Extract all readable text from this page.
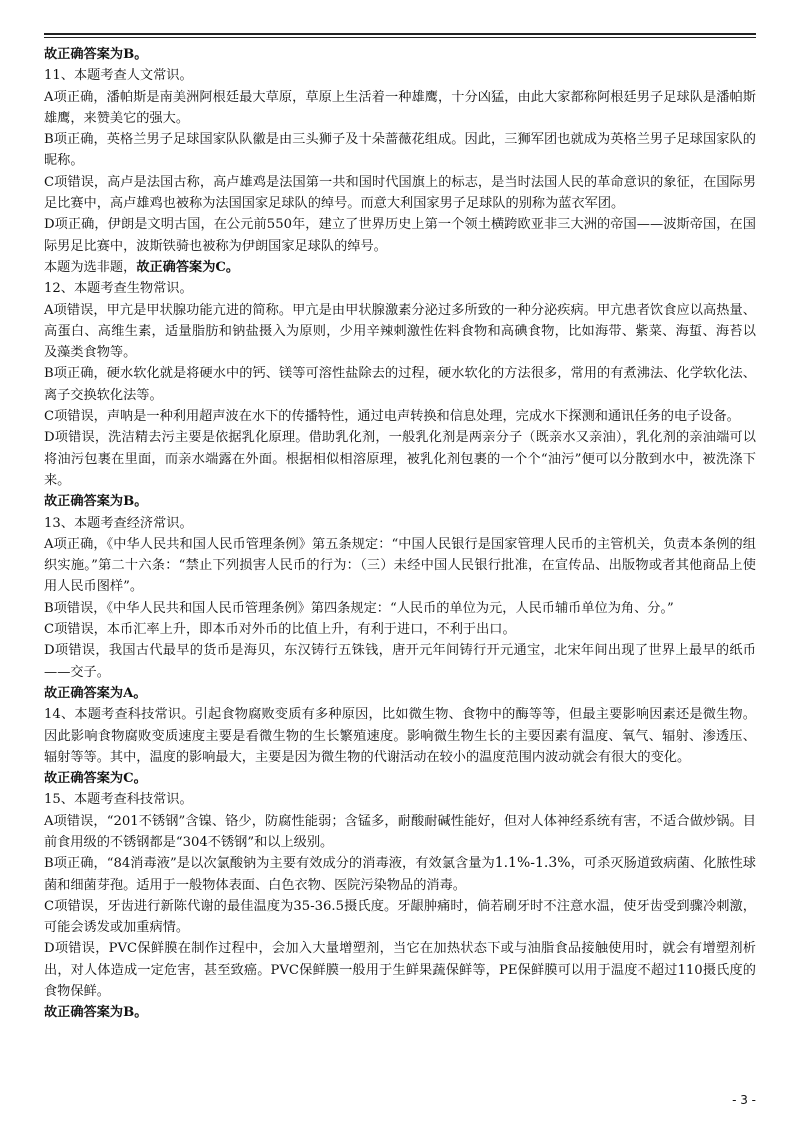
故正确答案为B。

11、本题考查人文常识。

A项正确，潘帕斯是南美洲阿根廷最大草原，草原上生活着一种雄鹰，十分凶猛，由此大家都称阿根廷男子足球队是潘帕斯雄鹰，来赞美它的强大。

B项正确，英格兰男子足球国家队队徽是由三头狮子及十朵蔷薇花组成。因此，三狮军团也就成为英格兰男子足球国家队的昵称。

C项错误，高卢是法国古称，高卢雄鸡是法国第一共和国时代国旗上的标志，是当时法国人民的革命意识的象征，在国际男足比赛中，高卢雄鸡也被称为法国国家足球队的绰号。而意大利国家男子足球队的别称为蓝衣军团。

D项正确，伊朗是文明古国，在公元前550年，建立了世界历史上第一个领土横跨欧亚非三大洲的帝国——波斯帝国，在国际男足比赛中，波斯铁骑也被称为伊朗国家足球队的绰号。

本题为选非题，故正确答案为C。

12、本题考查生物常识。

A项错误，甲亢是甲状腺功能亢进的简称。甲亢是由甲状腺激素分泌过多所致的一种分泌疾病。甲亢患者饮食应以高热量、高蛋白、高维生素，适量脂肪和钠盐摄入为原则，少用辛辣刺激性佐料食物和高碘食物，比如海带、紫菜、海蜇、海苔以及藻类食物等。

B项正确，硬水软化就是将硬水中的钙、镁等可溶性盐除去的过程，硬水软化的方法很多，常用的有煮沸法、化学软化法、离子交换软化法等。

C项错误，声呐是一种利用超声波在水下的传播特性，通过电声转换和信息处理，完成水下探测和通讯任务的电子设备。

D项错误，洗洁精去污主要是依据乳化原理。借助乳化剂，一般乳化剂是两亲分子（既亲水又亲油），乳化剂的亲油端可以将油污包裹在里面，而亲水端露在外面。根据相似相溶原理，被乳化剂包裹的一个个“油污”便可以分散到水中，被洗涤下来。

故正确答案为B。

13、本题考查经济常识。

A项正确，《中华人民共和国人民币管理条例》第五条规定：“中国人民银行是国家管理人民币的主管机关，负责本条例的组织实施。”第二十六条：“禁止下列损害人民币的行为：（三）未经中国人民银行批准，在宣传品、出版物或者其他商品上使用人民币图样”。

B项错误，《中华人民共和国人民币管理条例》第四条规定：“人民币的单位为元，人民币辅币单位为角、分。”

C项错误，本币汇率上升，即本币对外币的比值上升，有利于进口，不利于出口。

D项错误，我国古代最早的货币是海贝，东汉铸行五铢钱，唐开元年间铸行开元通宝，北宋年间出现了世界上最早的纸币——交子。

故正确答案为A。

14、本题考查科技常识。引起食物腐败变质有多种原因，比如微生物、食物中的酶等等，但最主要影响因素还是微生物。因此影响食物腐败变质速度主要是看微生物的生长繁殖速度。影响微生物生长的主要因素有温度、氧气、辐射、渗透压、辐射等等。其中，温度的影响最大，主要是因为微生物的代谢活动在较小的温度范围内波动就会有很大的变化。

故正确答案为C。

15、本题考查科技常识。

A项错误，“201不锈钢”含镍、铬少，防腐性能弱；含锰多，耐酸耐碱性能好，但对人体神经系统有害，不适合做炒锅。目前食用级的不锈钢都是“304不锈钢”和以上级别。

B项正确，“84消毒液”是以次氯酸钠为主要有效成分的消毒液，有效氯含量为1.1%-1.3%，可杀灭肠道致病菌、化脓性球菌和细菌芽孢。适用于一般物体表面、白色衣物、医院污染物品的消毒。

C项错误，牙齿进行新陈代谢的最佳温度为35-36.5摄氏度。牙龈肿痛时，倘若刷牙时不注意水温，使牙齿受到骤冷刺激，可能会诱发或加重病情。

D项错误，PVC保鲜膜在制作过程中，会加入大量增塑剂，当它在加热状态下或与油脂食品接触使用时，就会有增塑剂析出，对人体造成一定危害，甚至致癌。PVC保鲜膜一般用于生鲜果蔬保鲜等，PE保鲜膜可以用于温度不超过110摄氏度的食物保鲜。

故正确答案为B。

- 3 -
